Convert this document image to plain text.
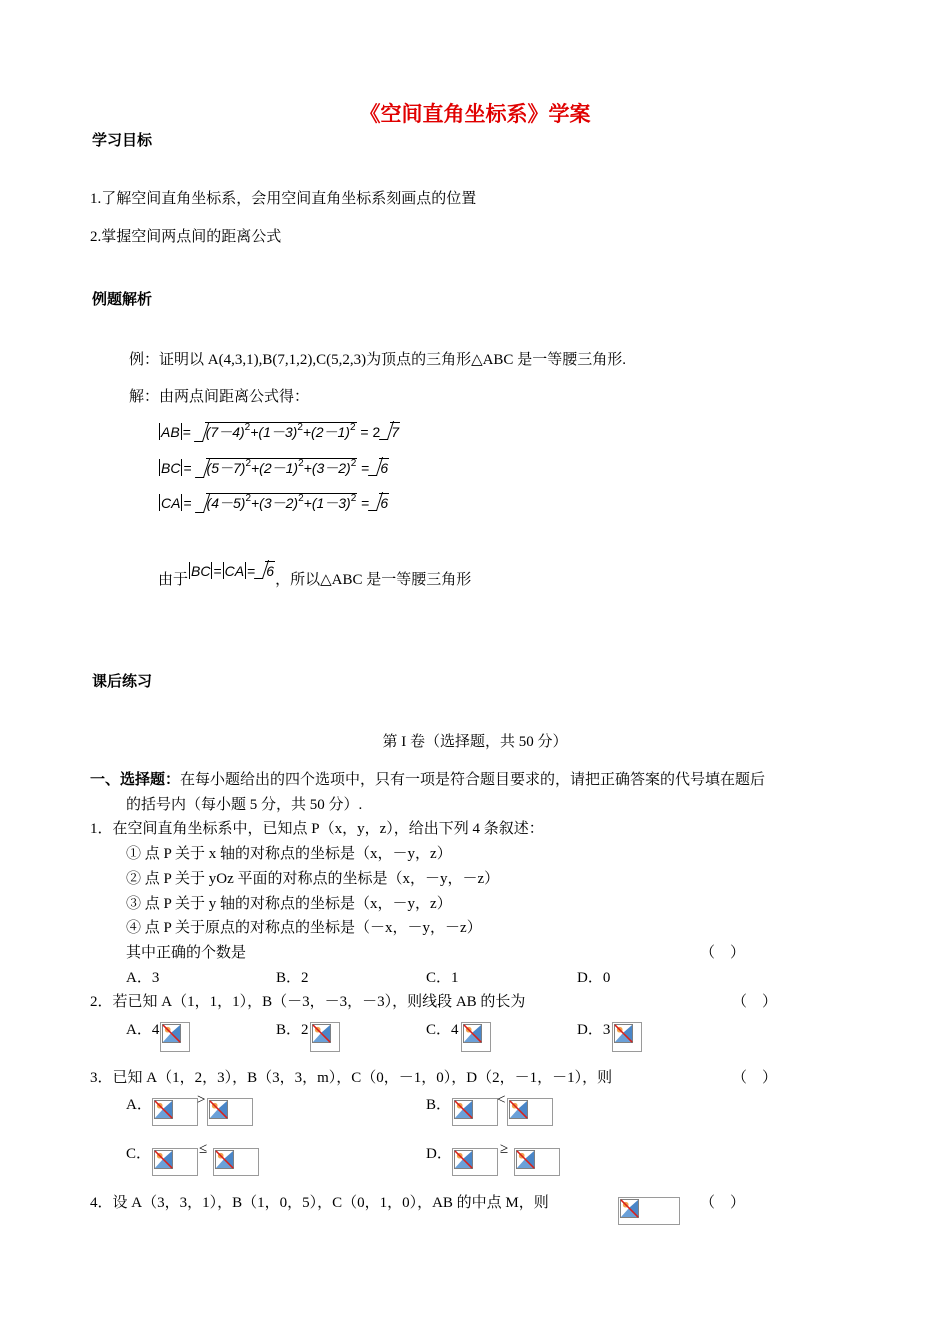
《空间直角坐标系》学案
学习目标
1.了解空间直角坐标系，会用空间直角坐标系刻画点的位置
2.掌握空间两点间的距离公式
例题解析
例：证明以 A(4,3,1),B(7,1,2),C(5,2,3)为顶点的三角形△ABC 是一等腰三角形.
解：由两点间距离公式得：
AB = $(7-4)^2+(1-3)^2+(2-1)^2 = 2$ 7
BC = $(5-7)^2+(2-1)^2+(3-2)^2 = 6$
CA = $(4-5)^2+(3-2)^2+(1-3)^2 = 6$
由于BC = CA = 6，所以△ABC 是一等腰三角形
课后练习
第 I 卷（选择题，共 50 分）
一、选择题：在每小题给出的四个选项中，只有一项是符合题目要求的，请把正确答案的代号填在题后
的括号内（每小题 5 分，共 50 分）.
1．在空间直角坐标系中，已知点 P（x，y，z），给出下列 4 条叙述：
① 点 P 关于 x 轴的对称点的坐标是（x，－y，z）
② 点 P 关于 yOz 平面的对称点的坐标是（x，－y，－z）
③ 点 P 关于 y 轴的对称点的坐标是（x，－y，z）
④ 点 P 关于原点的对称点的坐标是（－x，－y，－z）
其中正确的个数是	（　）
A．3	B．2	C．1	D．0
2．若已知 A（1，1，1），B（－3，－3，－3），则线段 AB 的长为	（　）
A．4	B．2	C．4	D．3
3．已知 A（1，2，3），B（3，3，m），C（0，－1，0），D（2，－1，－1），则	（　）
A．	>	B．	<
C．	≤	D．	≥
4．设 A（3，3，1），B（1，0，5），C（0，1，0），AB 的中点 M，则	（　）
